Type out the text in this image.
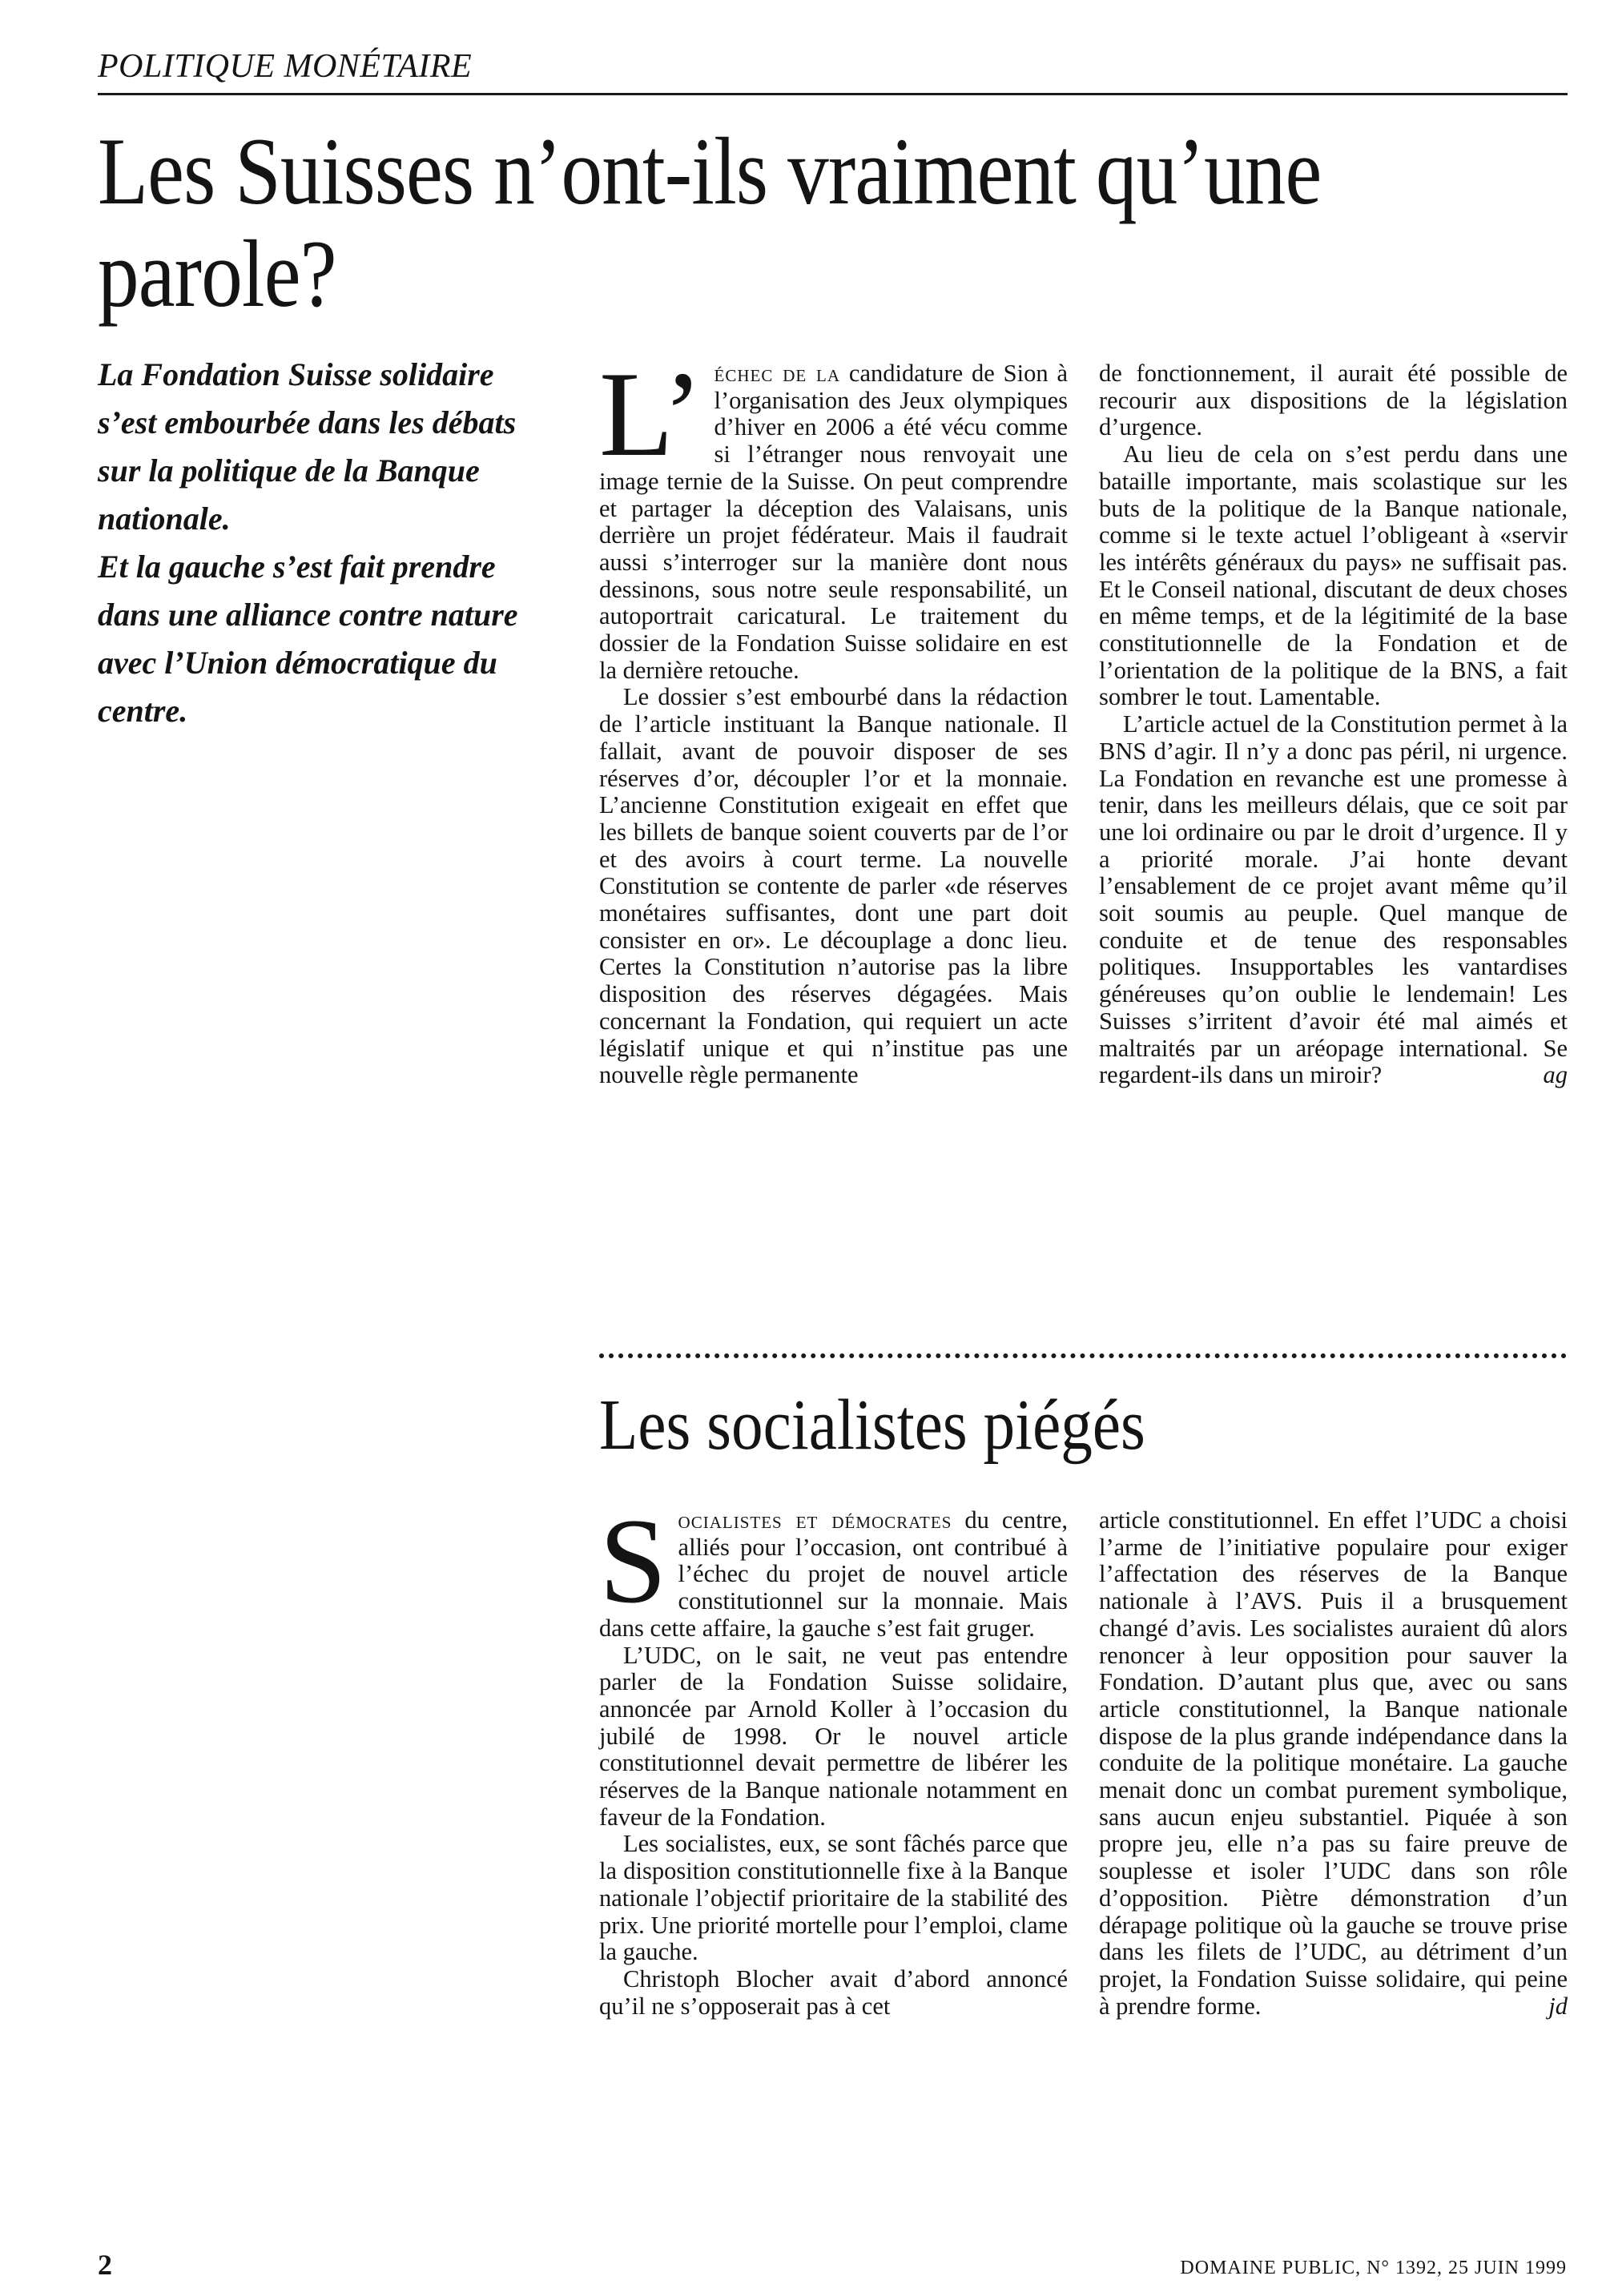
POLITIQUE MONÉTAIRE
Les Suisses n’ont-ils vraiment qu’une parole?

La Fondation Suisse solidaire s’est embourbée dans les débats sur la politique de la Banque nationale.

Et la gauche s’est fait prendre dans une alliance contre nature avec l’Union démocratique du centre.

L’ échec de la candidature de Sion à l’organisation des Jeux olympiques d’hiver en 2006 a été vécu comme si l’étranger nous renvoyait une image ternie de la Suisse. On peut comprendre et partager la déception des Valaisans, unis derrière un projet fédérateur. Mais il faudrait aussi s’interroger sur la manière dont nous dessinons, sous notre seule responsabilité, un autoportrait caricatural. Le traitement du dossier de la Fondation Suisse solidaire en est la dernière retouche.

Le dossier s’est embourbé dans la rédaction de l’article instituant la Banque nationale. Il fallait, avant de pouvoir disposer de ses réserves d’or, découpler l’or et la monnaie. L’ancienne Constitution exigeait en effet que les billets de banque soient couverts par de l’or et des avoirs à court terme. La nouvelle Constitution se contente de parler «de réserves monétaires suffisantes, dont une part doit consister en or». Le découplage a donc lieu. Certes la Constitution n’autorise pas la libre disposition des réserves dégagées. Mais concernant la Fondation, qui requiert un acte législatif unique et qui n’institue pas une nouvelle règle permanente

de fonctionnement, il aurait été possible de recourir aux dispositions de la législation d’urgence.

Au lieu de cela on s’est perdu dans une bataille importante, mais scolastique sur les buts de la politique de la Banque nationale, comme si le texte actuel l’obligeant à «servir les intérêts généraux du pays» ne suffisait pas. Et le Conseil national, discutant de deux choses en même temps, et de la légitimité de la base constitutionnelle de la Fondation et de l’orientation de la politique de la BNS, a fait sombrer le tout. Lamentable.

L’article actuel de la Constitution permet à la BNS d’agir. Il n’y a donc pas péril, ni urgence. La Fondation en revanche est une promesse à tenir, dans les meilleurs délais, que ce soit par une loi ordinaire ou par le droit d’urgence. Il y a priorité morale. J’ai honte devant l’ensablement de ce projet avant même qu’il soit soumis au peuple. Quel manque de conduite et de tenue des responsables politiques. Insupportables les vantardises généreuses qu’on oublie le lendemain! Les Suisses s’irritent d’avoir été mal aimés et maltraités par un aréopage international. Se regardent-ils dans un miroir?	ag

Les socialistes piégés

Socialistes et démocrates du centre, alliés pour l’occasion, ont contribué à l’échec du projet de nouvel article constitutionnel sur la monnaie. Mais dans cette affaire, la gauche s’est fait gruger.

L’UDC, on le sait, ne veut pas entendre parler de la Fondation Suisse solidaire, annoncée par Arnold Koller à l’occasion du jubilé de 1998. Or le nouvel article constitutionnel devait permettre de libérer les réserves de la Banque nationale notamment en faveur de la Fondation.

Les socialistes, eux, se sont fâchés parce que la disposition constitutionnelle fixe à la Banque nationale l’objectif prioritaire de la stabilité des prix. Une priorité mortelle pour l’emploi, clame la gauche.

Christoph Blocher avait d’abord annoncé qu’il ne s’opposerait pas à cet

article constitutionnel. En effet l’UDC a choisi l’arme de l’initiative populaire pour exiger l’affectation des réserves de la Banque nationale à l’AVS. Puis il a brusquement changé d’avis. Les socialistes auraient dû alors renoncer à leur opposition pour sauver la Fondation. D’autant plus que, avec ou sans article constitutionnel, la Banque nationale dispose de la plus grande indépendance dans la conduite de la politique monétaire. La gauche menait donc un combat purement symbolique, sans aucun enjeu substantiel. Piquée à son propre jeu, elle n’a pas su faire preuve de souplesse et isoler l’UDC dans son rôle d’opposition. Piètre démonstration d’un dérapage politique où la gauche se trouve prise dans les filets de l’UDC, au détriment d’un projet, la Fondation Suisse solidaire, qui peine à prendre forme.	jd

2	DOMAINE PUBLIC, N° 1392, 25 JUIN 1999
